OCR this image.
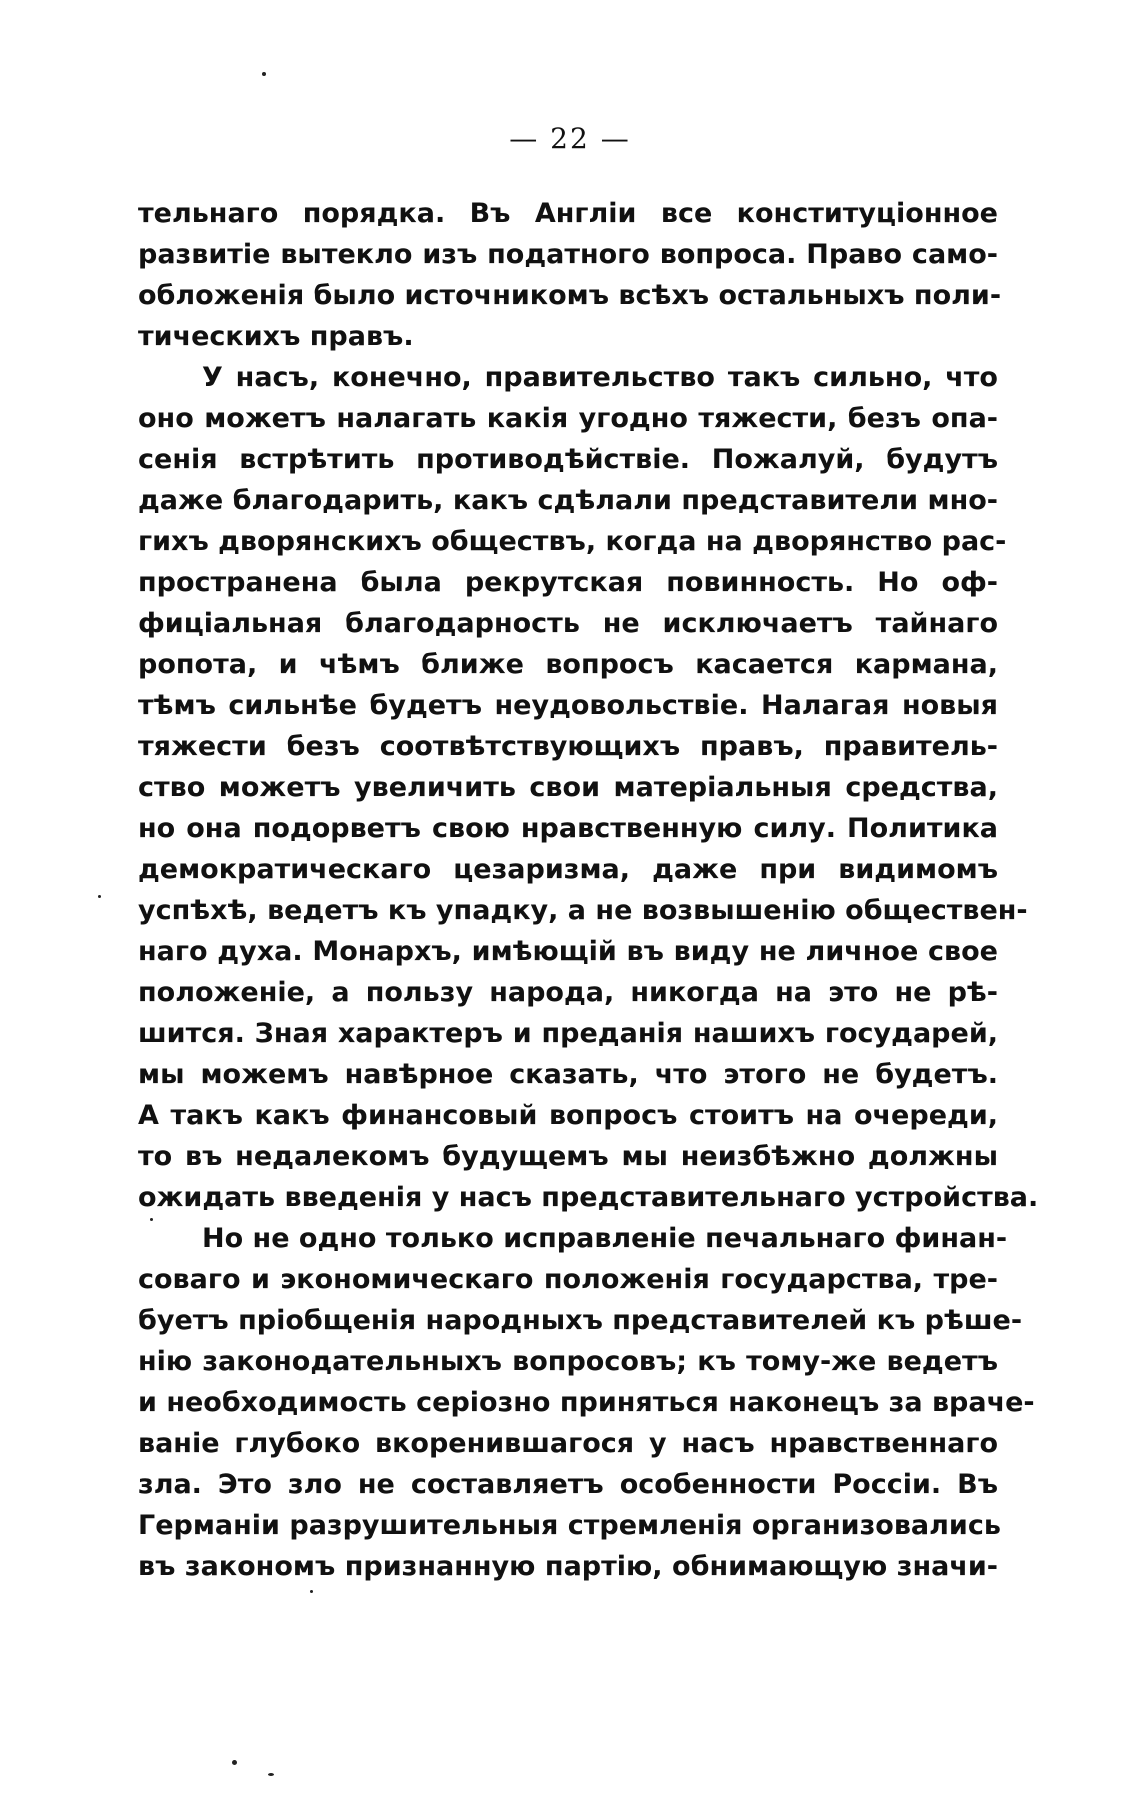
— 22 —
тельнаго порядка. Въ Англіи все конституціонное
развитіе вытекло изъ податного вопроса. Право само-
обложенія было источникомъ всѣхъ остальныхъ поли-
тическихъ правъ.
У насъ, конечно, правительство такъ сильно, что
оно можетъ налагать какія угодно тяжести, безъ опа-
сенія встрѣтить противодѣйствіе. Пожалуй, будутъ
даже благодарить, какъ сдѣлали представители мно-
гихъ дворянскихъ обществъ, когда на дворянство рас-
пространена была рекрутская повинность. Но оф-
фиціальная благодарность не исключаетъ тайнаго
ропота, и чѣмъ ближе вопросъ касается кармана,
тѣмъ сильнѣе будетъ неудовольствіе. Налагая новыя
тяжести безъ соотвѣтствующихъ правъ, правитель-
ство можетъ увеличить свои матеріальныя средства,
но она подорветъ свою нравственную силу. Политика
демократическаго цезаризма, даже при видимомъ
успѣхѣ, ведетъ къ упадку, а не возвышенію обществен-
наго духа. Монархъ, имѣющій въ виду не личное свое
положеніе, а пользу народа, никогда на это не рѣ-
шится. Зная характеръ и преданія нашихъ государей,
мы можемъ навѣрное сказать, что этого не будетъ.
А такъ какъ финансовый вопросъ стоитъ на очереди,
то въ недалекомъ будущемъ мы неизбѣжно должны
ожидать введенія у насъ представительнаго устройства.
Но не одно только исправленіе печальнаго финан-
соваго и экономическаго положенія государства, тре-
буетъ пріобщенія народныхъ представителей къ рѣше-
нію законодательныхъ вопросовъ; къ тому-же ведетъ
и необходимость серіозно приняться наконецъ за враче-
ваніе глубоко вкоренившагося у насъ нравственнаго
зла. Это зло не составляетъ особенности Россіи. Въ
Германіи разрушительныя стремленія организовались
въ закономъ признанную партію, обнимающую значи-
